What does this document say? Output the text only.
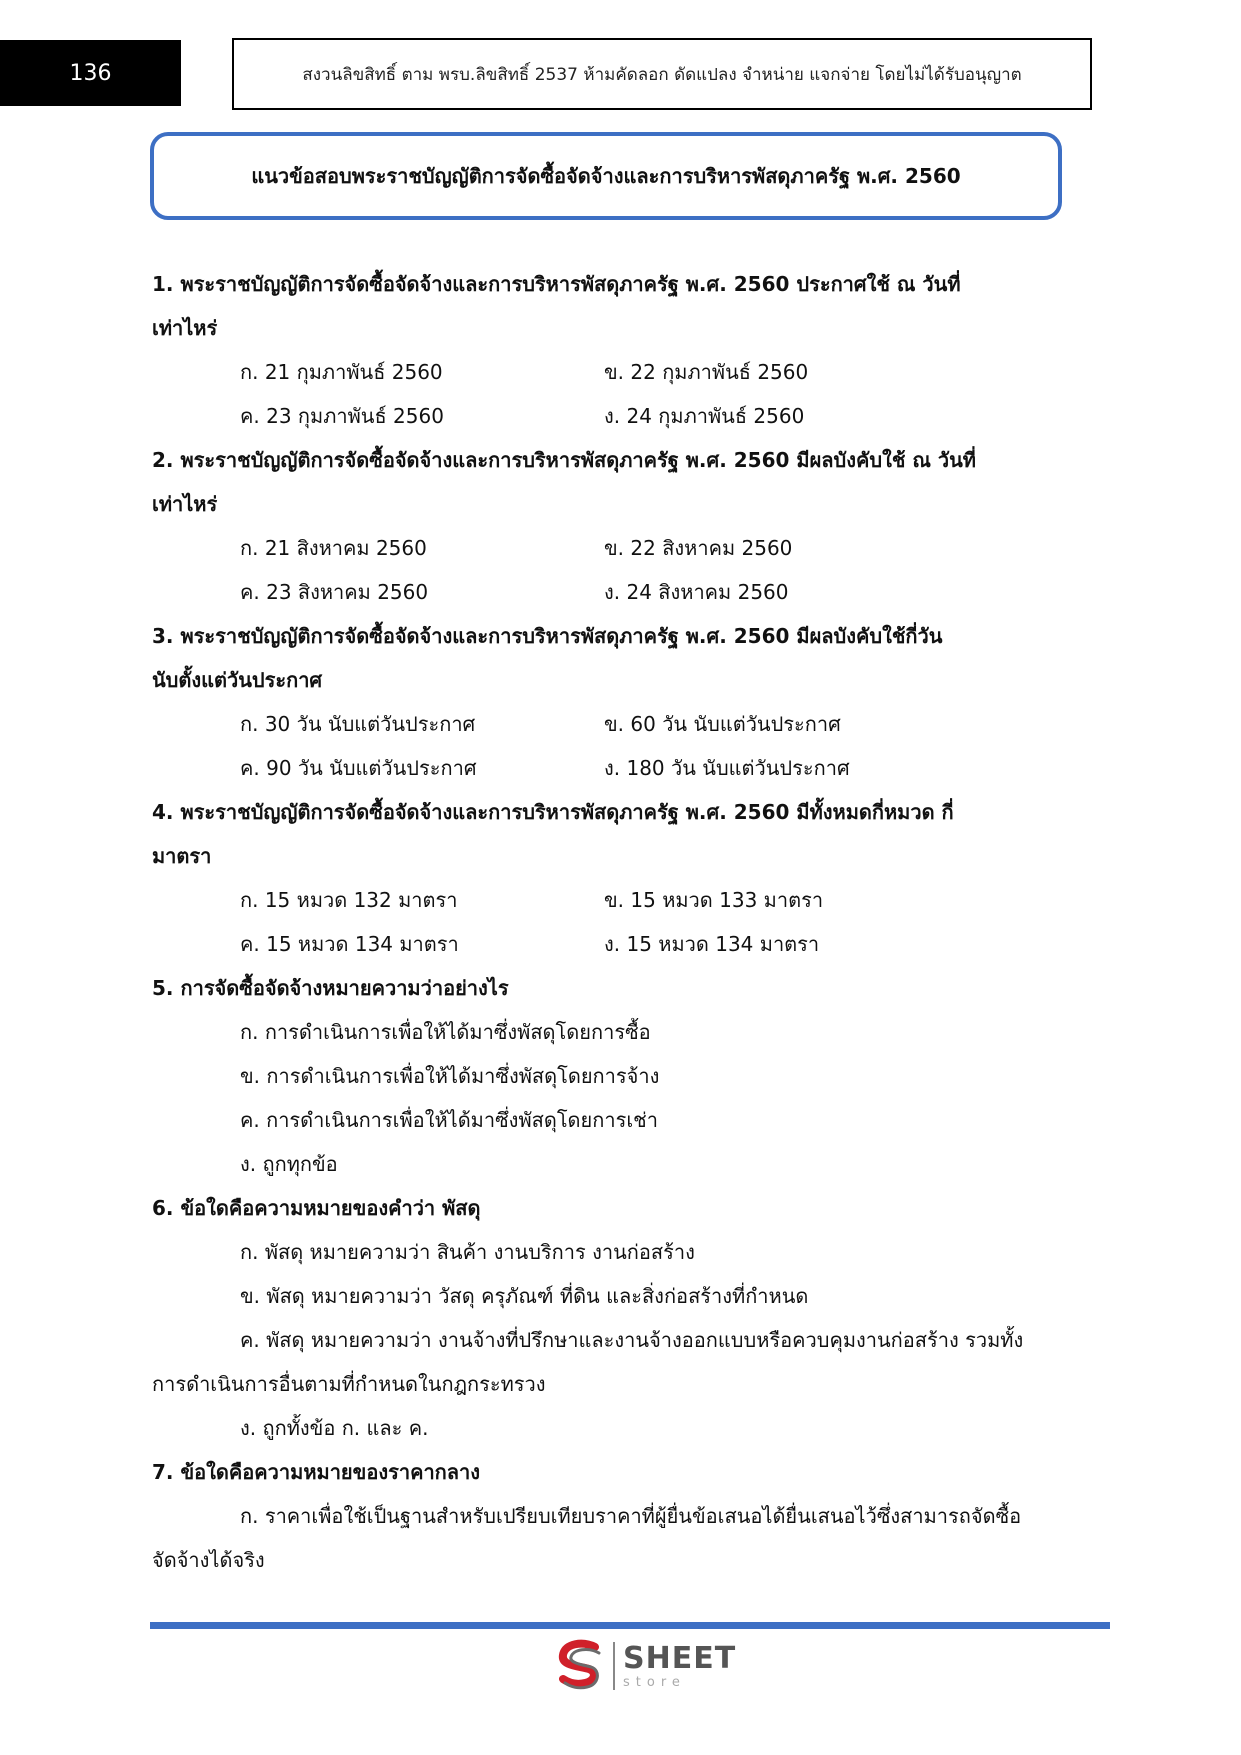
136	สงวนลิขสิทธิ์ ตาม พรบ.ลิขสิทธิ์ 2537 ห้ามคัดลอก ดัดแปลง จำหน่าย แจกจ่าย โดยไม่ได้รับอนุญาต
แนวข้อสอบพระราชบัญญัติการจัดซื้อจัดจ้างและการบริหารพัสดุภาครัฐ พ.ศ. 2560
1. พระราชบัญญัติการจัดซื้อจัดจ้างและการบริหารพัสดุภาครัฐ พ.ศ. 2560 ประกาศใช้ ณ วันที่
เท่าไหร่
ก. 21 กุมภาพันธ์ 2560	ข. 22 กุมภาพันธ์ 2560
ค. 23 กุมภาพันธ์ 2560	ง. 24 กุมภาพันธ์ 2560
2. พระราชบัญญัติการจัดซื้อจัดจ้างและการบริหารพัสดุภาครัฐ พ.ศ. 2560 มีผลบังคับใช้ ณ วันที่
เท่าไหร่
ก. 21 สิงหาคม 2560	ข. 22 สิงหาคม 2560
ค. 23 สิงหาคม 2560	ง. 24 สิงหาคม 2560
3. พระราชบัญญัติการจัดซื้อจัดจ้างและการบริหารพัสดุภาครัฐ พ.ศ. 2560 มีผลบังคับใช้กี่วัน
นับตั้งแต่วันประกาศ
ก. 30 วัน นับแต่วันประกาศ	ข. 60 วัน นับแต่วันประกาศ
ค. 90 วัน นับแต่วันประกาศ	ง. 180 วัน นับแต่วันประกาศ
4. พระราชบัญญัติการจัดซื้อจัดจ้างและการบริหารพัสดุภาครัฐ พ.ศ. 2560 มีทั้งหมดกี่หมวด กี่
มาตรา
ก. 15 หมวด 132 มาตรา	ข. 15 หมวด 133 มาตรา
ค. 15 หมวด 134 มาตรา	ง. 15 หมวด 134 มาตรา
5. การจัดซื้อจัดจ้างหมายความว่าอย่างไร
ก. การดำเนินการเพื่อให้ได้มาซึ่งพัสดุโดยการซื้อ
ข. การดำเนินการเพื่อให้ได้มาซึ่งพัสดุโดยการจ้าง
ค. การดำเนินการเพื่อให้ได้มาซึ่งพัสดุโดยการเช่า
ง. ถูกทุกข้อ
6. ข้อใดคือความหมายของคำว่า พัสดุ
ก. พัสดุ หมายความว่า สินค้า งานบริการ งานก่อสร้าง
ข. พัสดุ หมายความว่า วัสดุ ครุภัณฑ์ ที่ดิน และสิ่งก่อสร้างที่กำหนด
ค. พัสดุ หมายความว่า งานจ้างที่ปรึกษาและงานจ้างออกแบบหรือควบคุมงานก่อสร้าง รวมทั้ง
การดำเนินการอื่นตามที่กำหนดในกฎกระทรวง
ง. ถูกทั้งข้อ ก. และ ค.
7. ข้อใดคือความหมายของราคากลาง
ก. ราคาเพื่อใช้เป็นฐานสำหรับเปรียบเทียบราคาที่ผู้ยื่นข้อเสนอได้ยื่นเสนอไว้ซึ่งสามารถจัดซื้อ
จัดจ้างได้จริง
SHEET
store
